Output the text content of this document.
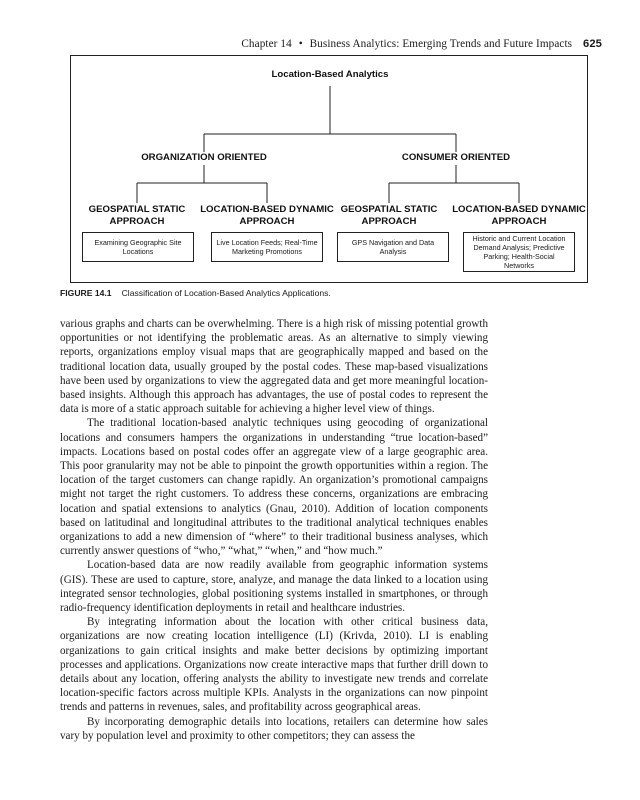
Chapter 14 • Business Analytics: Emerging Trends and Future Impacts 625
Location-Based Analytics
ORGANIZATION ORIENTED	CONSUMER ORIENTED
GEOSPATIAL STATIC
APPROACH
LOCATION-BASED DYNAMIC
APPROACH
GEOSPATIAL STATIC
APPROACH
LOCATION-BASED DYNAMIC
APPROACH
Examining Geographic Site Locations
Live Location Feeds; Real-Time Marketing Promotions
GPS Navigation and Data Analysis
Historic and Current Location Demand Analysis; Predictive Parking; Health-Social Networks
FIGURE 14.1 Classification of Location-Based Analytics Applications.

various graphs and charts can be overwhelming. There is a high risk of missing potential growth opportunities or not identifying the problematic areas. As an alternative to simply viewing reports, organizations employ visual maps that are geographically mapped and based on the traditional location data, usually grouped by the postal codes. These map-based visualizations have been used by organizations to view the aggregated data and get more meaningful location-based insights. Although this approach has advantages, the use of postal codes to represent the data is more of a static approach suitable for achieving a higher level view of things.

The traditional location-based analytic techniques using geocoding of organizational locations and consumers hampers the organizations in understanding “true location-based” impacts. Locations based on postal codes offer an aggregate view of a large geographic area. This poor granularity may not be able to pinpoint the growth opportunities within a region. The location of the target customers can change rapidly. An organization’s promotional campaigns might not target the right customers. To address these concerns, organizations are embracing location and spatial extensions to analytics (Gnau, 2010). Addition of location components based on latitudinal and longitudinal attributes to the traditional analytical techniques enables organizations to add a new dimension of “where” to their traditional business analyses, which currently answer questions of “who,” “what,” “when,” and “how much.”

Location-based data are now readily available from geographic information systems (GIS). These are used to capture, store, analyze, and manage the data linked to a location using integrated sensor technologies, global positioning systems installed in smartphones, or through radio-frequency identification deployments in retail and healthcare industries.

By integrating information about the location with other critical business data, organizations are now creating location intelligence (LI) (Krivda, 2010). LI is enabling organizations to gain critical insights and make better decisions by optimizing important processes and applications. Organizations now create interactive maps that further drill down to details about any location, offering analysts the ability to investigate new trends and correlate location-specific factors across multiple KPIs. Analysts in the organizations can now pinpoint trends and patterns in revenues, sales, and profitability across geographical areas.

By incorporating demographic details into locations, retailers can determine how sales vary by population level and proximity to other competitors; they can assess the
